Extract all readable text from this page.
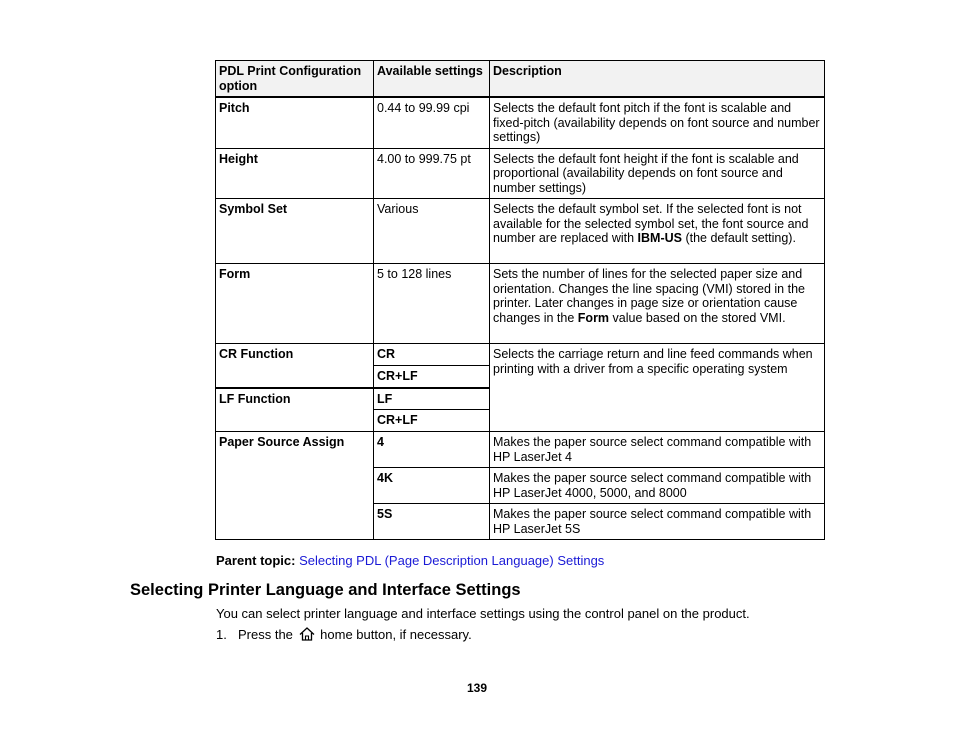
PDL Print Configuration option	Available settings	Description
Pitch	0.44 to 99.99 cpi	Selects the default font pitch if the font is scalable and fixed-pitch (availability depends on font source and number settings)
Height	4.00 to 999.75 pt	Selects the default font height if the font is scalable and proportional (availability depends on font source and number settings)
Symbol Set	Various	Selects the default symbol set. If the selected font is not available for the selected symbol set, the font source and number are replaced with IBM-US (the default setting).
Form	5 to 128 lines	Sets the number of lines for the selected paper size and orientation. Changes the line spacing (VMI) stored in the printer. Later changes in page size or orientation cause changes in the Form value based on the stored VMI.
CR Function	CR	Selects the carriage return and line feed commands when printing with a driver from a specific operating system
	CR+LF	
LF Function	LF	
	CR+LF	
Paper Source Assign	4	Makes the paper source select command compatible with HP LaserJet 4
	4K	Makes the paper source select command compatible with HP LaserJet 4000, 5000, and 8000
	5S	Makes the paper source select command compatible with HP LaserJet 5S
Parent topic: Selecting PDL (Page Description Language) Settings
Selecting Printer Language and Interface Settings

You can select printer language and interface settings using the control panel on the product.

1. Press the home button, if necessary.
139
